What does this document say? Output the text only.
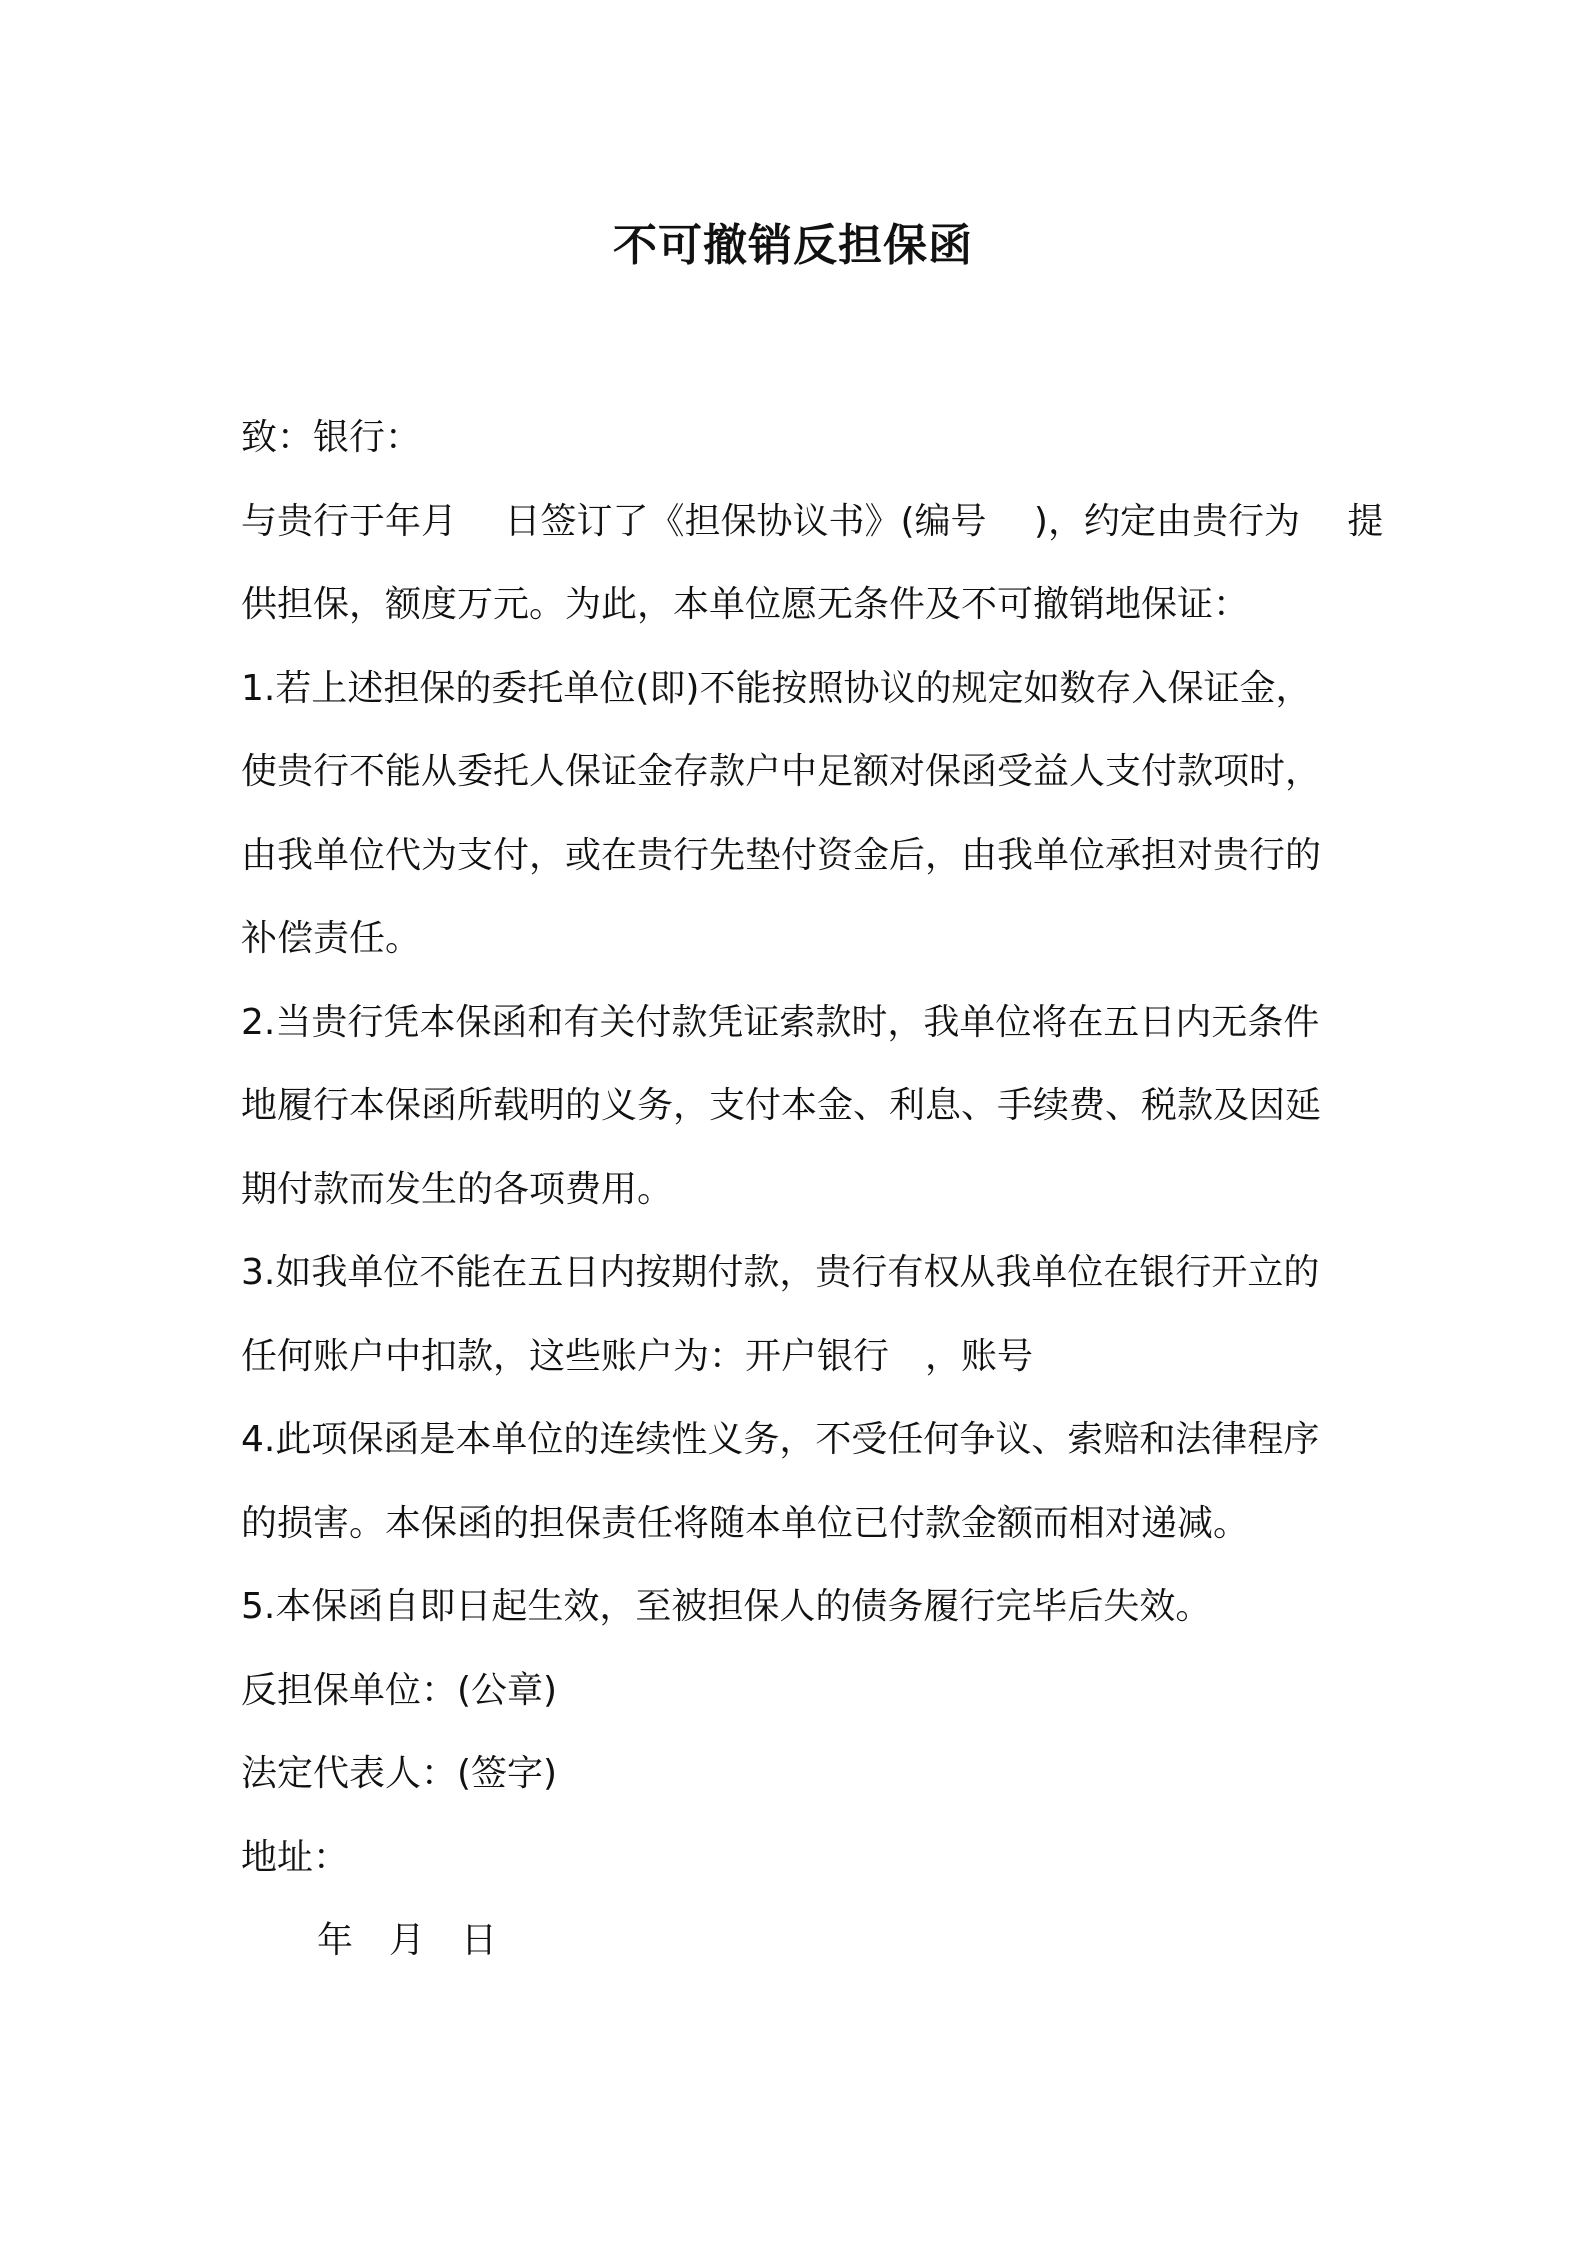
不可撤销反担保函
致：银行：
与贵行于年月　 日签订了《担保协议书》(编号　 )，约定由贵行为　 提
供担保，额度万元。为此，本单位愿无条件及不可撤销地保证：
1.若上述担保的委托单位(即)不能按照协议的规定如数存入保证金，
使贵行不能从委托人保证金存款户中足额对保函受益人支付款项时，
由我单位代为支付，或在贵行先垫付资金后，由我单位承担对贵行的
补偿责任。
2.当贵行凭本保函和有关付款凭证索款时，我单位将在五日内无条件
地履行本保函所载明的义务，支付本金、利息、手续费、税款及因延
期付款而发生的各项费用。
3.如我单位不能在五日内按期付款，贵行有权从我单位在银行开立的
任何账户中扣款，这些账户为：开户银行　，账号
4.此项保函是本单位的连续性义务，不受任何争议、索赔和法律程序
的损害。本保函的担保责任将随本单位已付款金额而相对递减。
5.本保函自即日起生效，至被担保人的债务履行完毕后失效。
反担保单位：(公章)
法定代表人：(签字)
地址：
年　月　日
